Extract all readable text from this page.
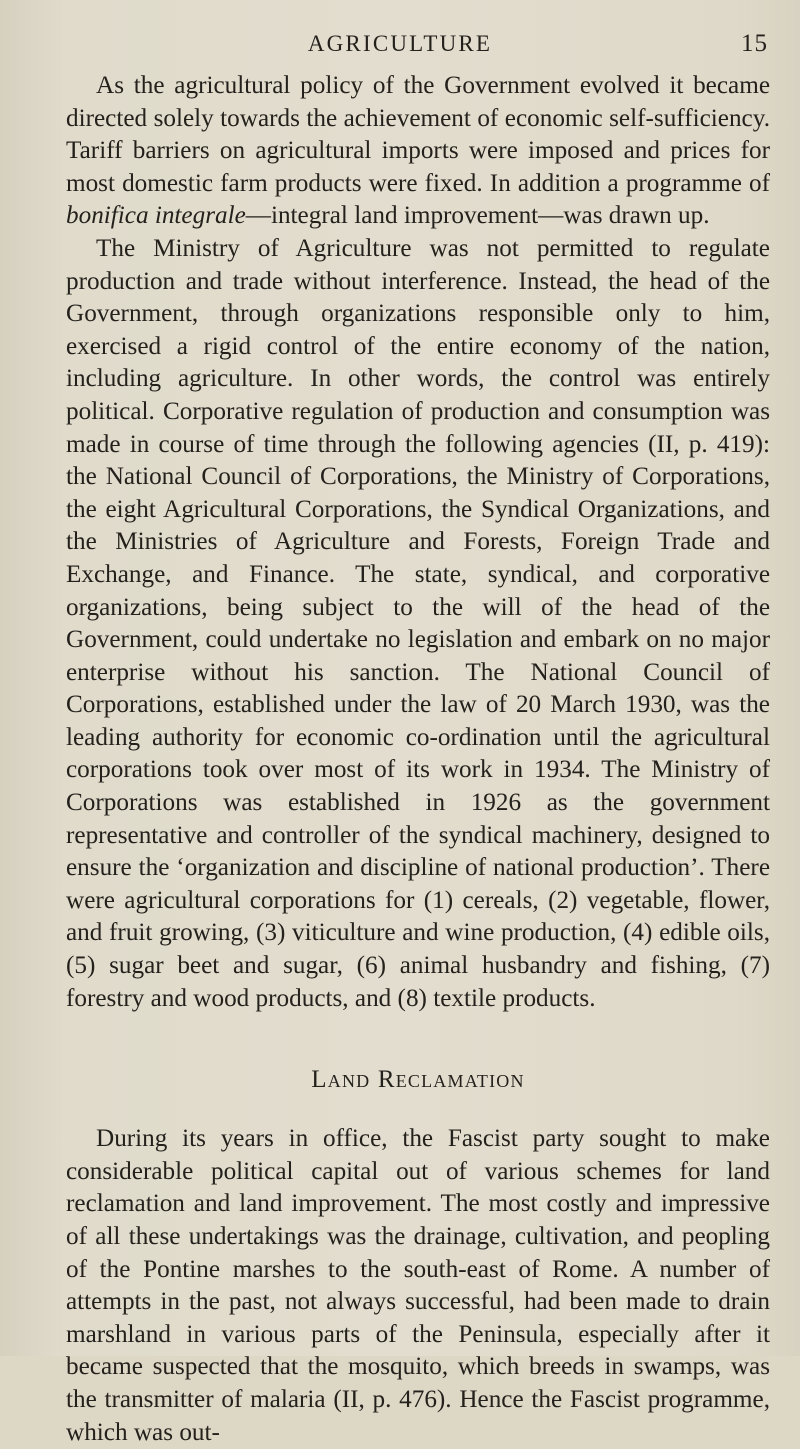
AGRICULTURE	15

As the agricultural policy of the Government evolved it became directed solely towards the achievement of economic self-sufficiency. Tariff barriers on agricultural imports were imposed and prices for most domestic farm products were fixed. In addition a programme of bonifica integrale—integral land improvement—was drawn up.

The Ministry of Agriculture was not permitted to regulate production and trade without interference. Instead, the head of the Government, through organizations responsible only to him, exercised a rigid control of the entire economy of the nation, including agriculture. In other words, the control was entirely political. Corporative regulation of production and consumption was made in course of time through the following agencies (II, p. 419): the National Council of Corporations, the Ministry of Corporations, the eight Agricultural Corporations, the Syndical Organizations, and the Ministries of Agriculture and Forests, Foreign Trade and Exchange, and Finance. The state, syndical, and corporative organizations, being subject to the will of the head of the Government, could undertake no legislation and embark on no major enterprise without his sanction. The National Council of Corporations, established under the law of 20 March 1930, was the leading authority for economic co-ordination until the agricultural corporations took over most of its work in 1934. The Ministry of Corporations was established in 1926 as the government representative and controller of the syndical machinery, designed to ensure the ‘organization and discipline of national production’. There were agricultural corporations for (1) cereals, (2) vegetable, flower, and fruit growing, (3) viticulture and wine production, (4) edible oils, (5) sugar beet and sugar, (6) animal husbandry and fishing, (7) forestry and wood products, and (8) textile products.

Land Reclamation

During its years in office, the Fascist party sought to make considerable political capital out of various schemes for land reclamation and land improvement. The most costly and impressive of all these undertakings was the drainage, cultivation, and peopling of the Pontine marshes to the south-east of Rome. A number of attempts in the past, not always successful, had been made to drain marshland in various parts of the Peninsula, especially after it became suspected that the mosquito, which breeds in swamps, was the transmitter of malaria (II, p. 476). Hence the Fascist programme, which was out-
